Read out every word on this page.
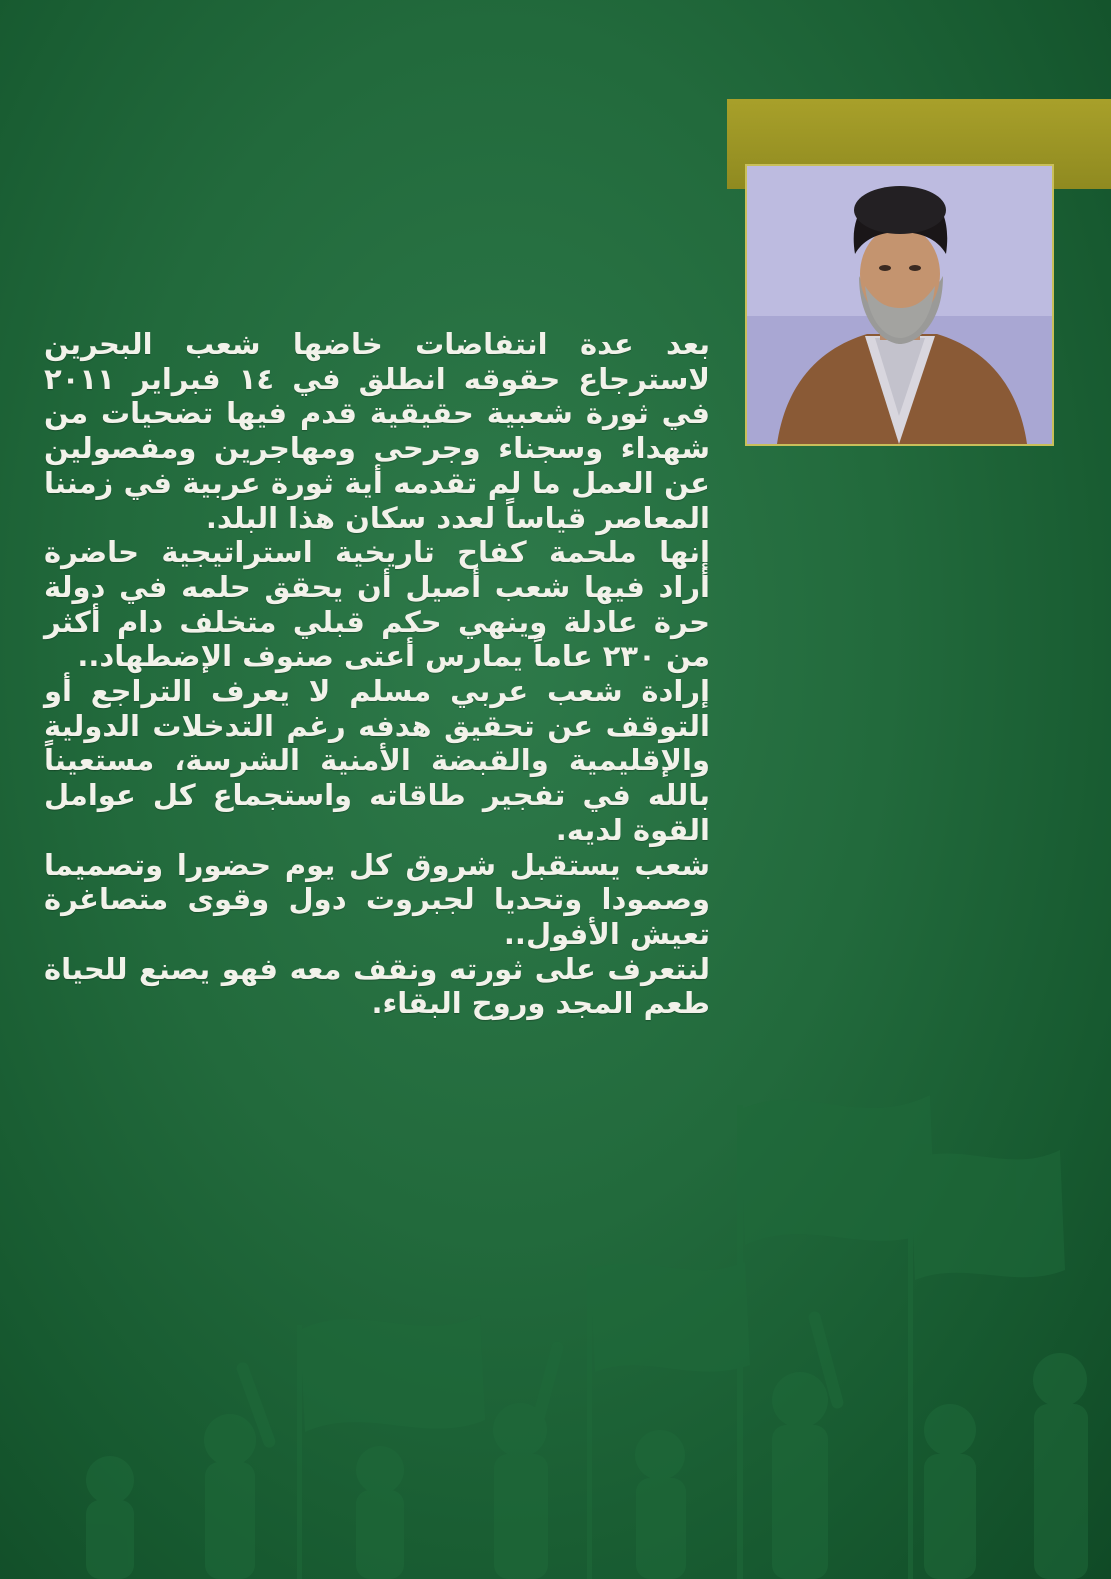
بعد عدة انتفاضات خاضها شعب البحرين لاسترجاع حقوقه انطلق في ١٤ فبراير ٢٠١١ في ثورة شعبية حقيقية قدم فيها تضحيات من شهداء وسجناء وجرحى ومهاجرين ومفصولين عن العمل ما لم تقدمه أية ثورة عربية في زمننا المعاصر قياساً لعدد سكان هذا البلد.

إنها ملحمة كفاح تاريخية استراتيجية حاضرة أراد فيها شعب أصيل أن يحقق حلمه في دولة حرة عادلة وينهي حكم قبلي متخلف دام أكثر من ٢٣٠ عاماً يمارس أعتى صنوف الإضطهاد..

إرادة شعب عربي مسلم لا يعرف التراجع أو التوقف عن تحقيق هدفه رغم التدخلات الدولية والإقليمية والقبضة الأمنية الشرسة، مستعيناً بالله في تفجير طاقاته واستجماع كل عوامل القوة لديه.

شعب يستقبل شروق كل يوم حضورا وتصميما وصمودا وتحديا لجبروت دول وقوى متصاغرة تعيش الأفول..

لنتعرف على ثورته ونقف معه فهو يصنع للحياة طعم المجد وروح البقاء.
